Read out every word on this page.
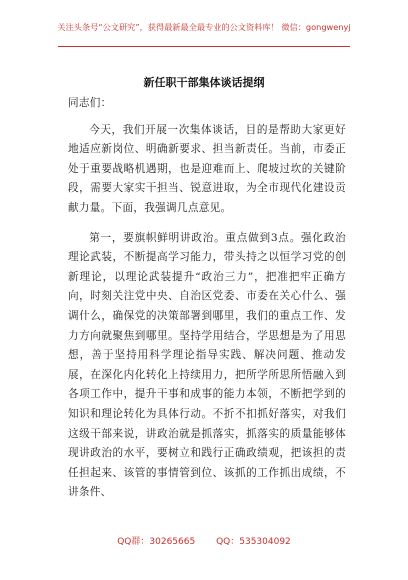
关注头条号“公文研究”，获得最新最全最专业的公文资料库！ 微信：gongwenyj
新任职干部集体谈话提纲

同志们：

今天，我们开展一次集体谈话，目的是帮助大家更好地适应新岗位、明确新要求、担当新责任。当前，市委正处于重要战略机遇期，也是迎难而上、爬坡过坎的关键阶段，需要大家实干担当、锐意进取，为全市现代化建设贡献力量。下面，我强调几点意见。

第一，要旗帜鲜明讲政治。重点做到3点。强化政治理论武装，不断提高学习能力，带头持之以恒学习党的创新理论，以理论武装提升“政治三力”，把准把牢正确方向，时刻关注党中央、自治区党委、市委在关心什么、强调什么，确保党的决策部署到哪里，我们的重点工作、发力方向就聚焦到哪里。坚持学用结合，学思想是为了用思想，善于坚持用科学理论指导实践、解决问题、推动发展，在深化内化转化上持续用力，把所学所思所悟融入到各项工作中，提升干事和成事的能力本领，不断把学到的知识和理论转化为具体行动。不折不扣抓好落实，对我们这级干部来说，讲政治就是抓落实，抓落实的质量能够体现讲政治的水平，要树立和践行正确政绩观，把该担的责任担起来、该管的事情管到位、该抓的工作抓出成绩，不讲条件、

QQ群：30265665 QQ：535304092
